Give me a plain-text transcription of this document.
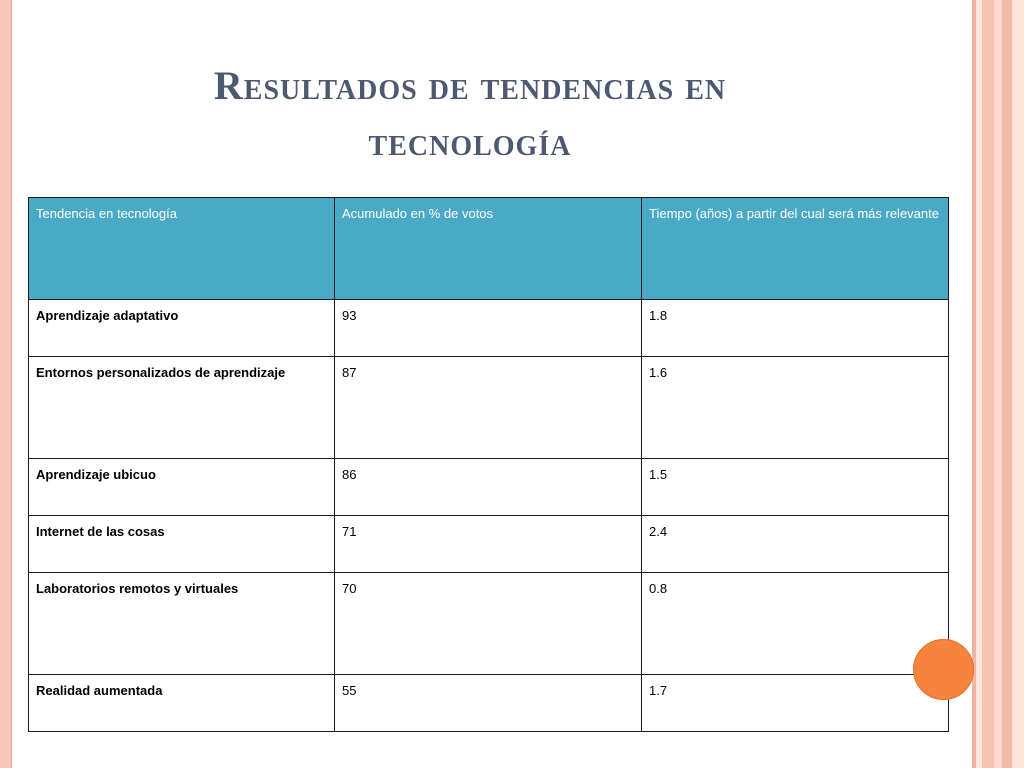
Resultados de tendencias en
tecnología
Tendencia en tecnología	Acumulado en % de votos	Tiempo (años) a partir del cual será más relevante
Aprendizaje adaptativo	93	1.8
Entornos personalizados de aprendizaje	87	1.6
Aprendizaje ubicuo	86	1.5
Internet de las cosas	71	2.4
Laboratorios remotos y virtuales	70	0.8
Realidad aumentada	55	1.7
